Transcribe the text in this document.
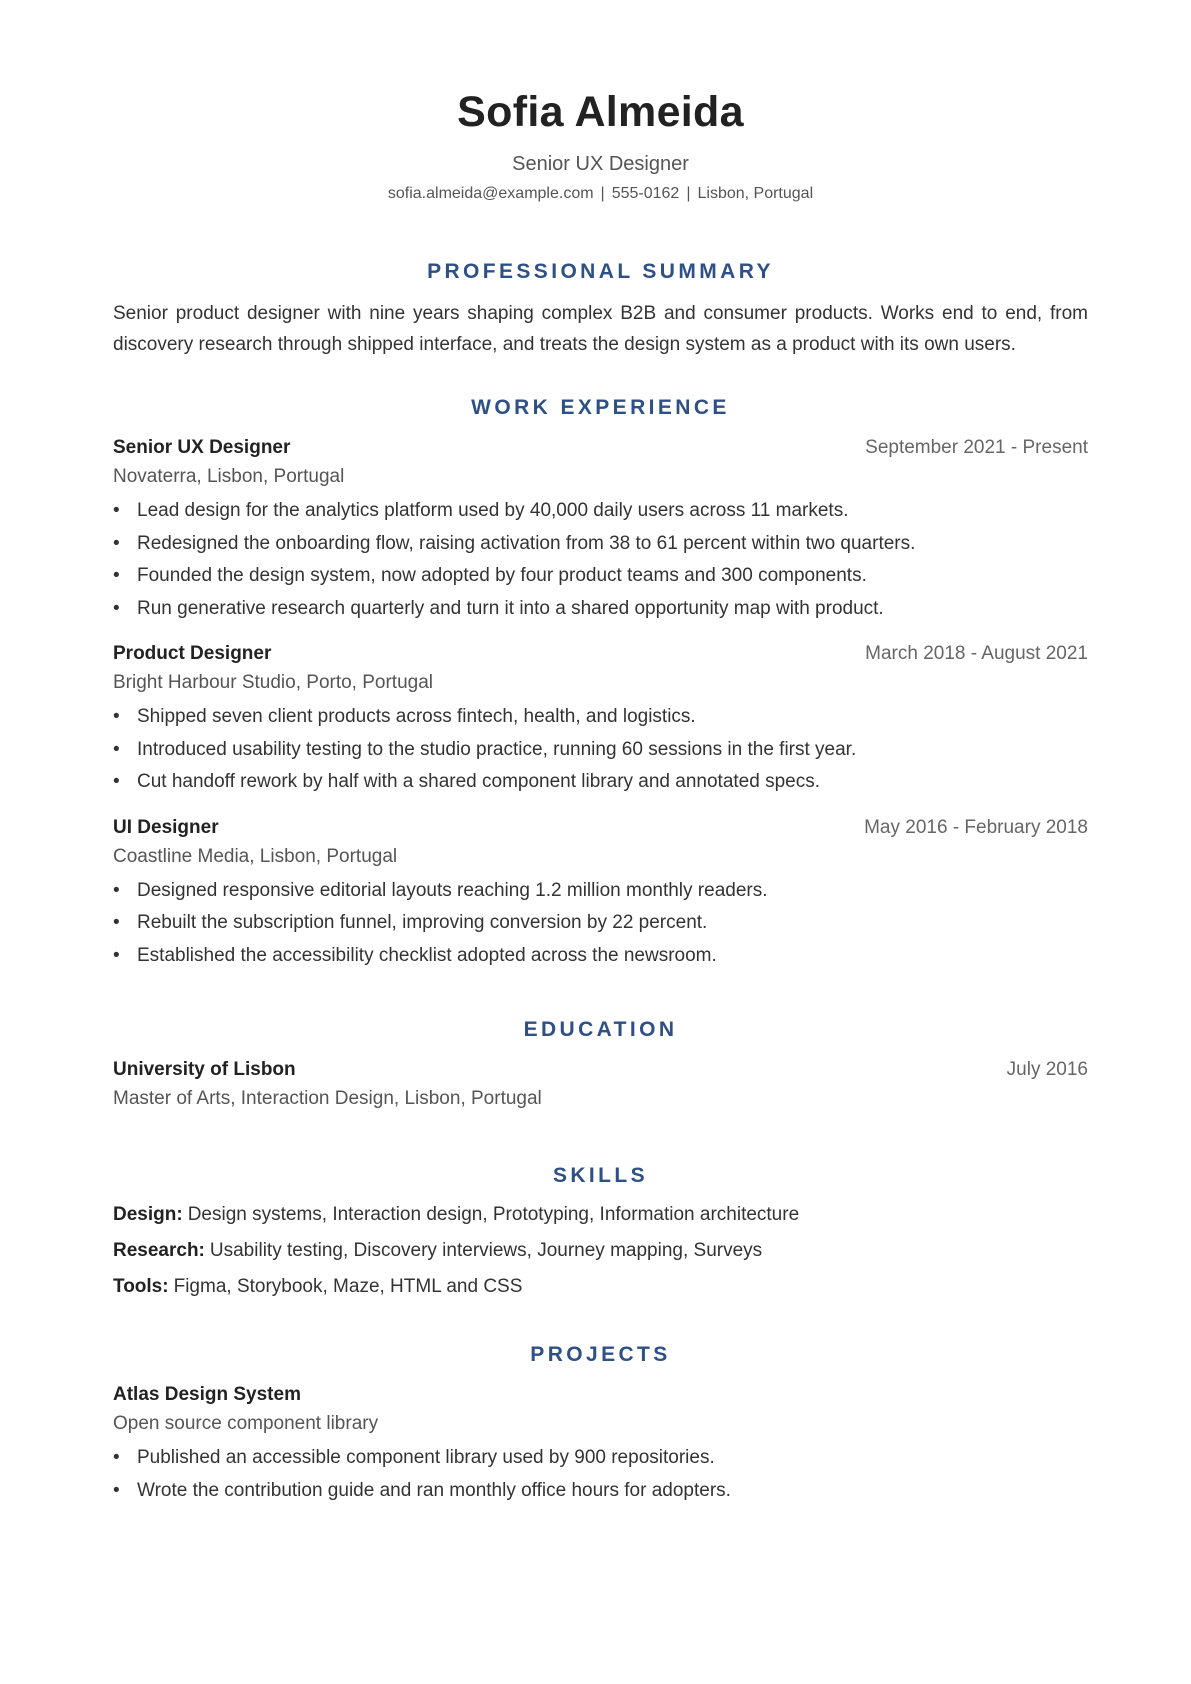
Sofia Almeida
Senior UX Designer
sofia.almeida@example.com | 555-0162 | Lisbon, Portugal
PROFESSIONAL SUMMARY
Senior product designer with nine years shaping complex B2B and consumer products. Works end to end, from discovery research through shipped interface, and treats the design system as a product with its own users.
WORK EXPERIENCE
Senior UX Designer	September 2021 - Present
Novaterra, Lisbon, Portugal
• Lead design for the analytics platform used by 40,000 daily users across 11 markets.
• Redesigned the onboarding flow, raising activation from 38 to 61 percent within two quarters.
• Founded the design system, now adopted by four product teams and 300 components.
• Run generative research quarterly and turn it into a shared opportunity map with product.
Product Designer	March 2018 - August 2021
Bright Harbour Studio, Porto, Portugal
• Shipped seven client products across fintech, health, and logistics.
• Introduced usability testing to the studio practice, running 60 sessions in the first year.
• Cut handoff rework by half with a shared component library and annotated specs.
UI Designer	May 2016 - February 2018
Coastline Media, Lisbon, Portugal
• Designed responsive editorial layouts reaching 1.2 million monthly readers.
• Rebuilt the subscription funnel, improving conversion by 22 percent.
• Established the accessibility checklist adopted across the newsroom.
EDUCATION
University of Lisbon	July 2016
Master of Arts, Interaction Design, Lisbon, Portugal
SKILLS
Design: Design systems, Interaction design, Prototyping, Information architecture
Research: Usability testing, Discovery interviews, Journey mapping, Surveys
Tools: Figma, Storybook, Maze, HTML and CSS
PROJECTS
Atlas Design System
Open source component library
• Published an accessible component library used by 900 repositories.
• Wrote the contribution guide and ran monthly office hours for adopters.
